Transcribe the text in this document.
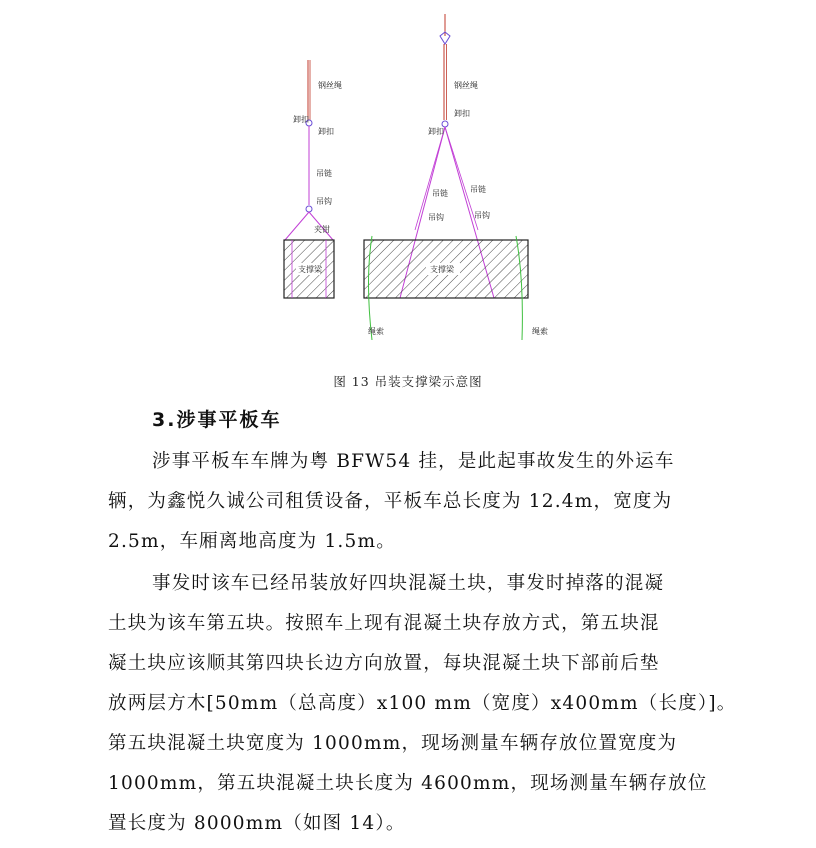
钢丝绳
卸扣
卸扣
吊链
吊钩
夹钳
支撑梁
钢丝绳
卸扣
卸扣
吊链	吊链
吊钩	吊钩
支撑梁
绳索	绳索
图 13 吊装支撑梁示意图
3.涉事平板车
涉事平板车车牌为粤 BFW54 挂，是此起事故发生的外运车
辆，为鑫悦久诚公司租赁设备，平板车总长度为 12.4m，宽度为
2.5m，车厢离地高度为 1.5m。
事发时该车已经吊装放好四块混凝土块，事发时掉落的混凝
土块为该车第五块。按照车上现有混凝土块存放方式，第五块混
凝土块应该顺其第四块长边方向放置，每块混凝土块下部前后垫
放两层方木[50mm（总高度）x100 mm（宽度）x400mm（长度）]。
第五块混凝土块宽度为 1000mm，现场测量车辆存放位置宽度为
1000mm，第五块混凝土块长度为 4600mm，现场测量车辆存放位
置长度为 8000mm（如图 14）。
